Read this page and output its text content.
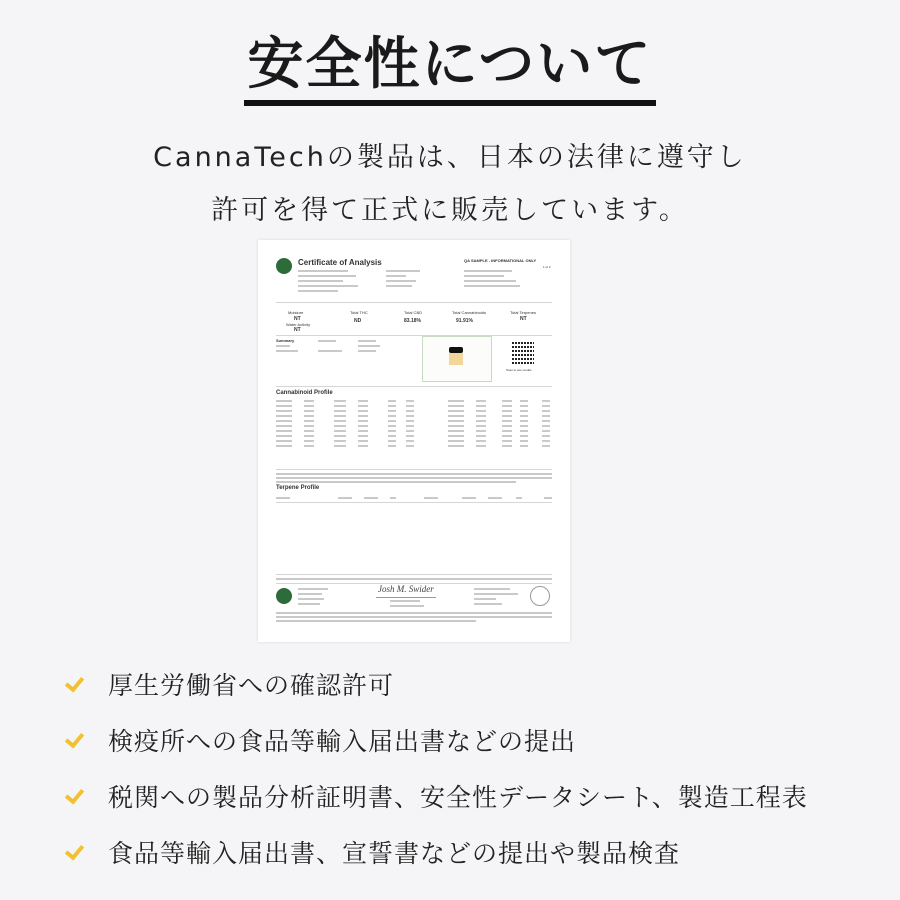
安全性について
CannaTechの製品は、日本の法律に遵守し
許可を得て正式に販売しています。
Certificate of Analysis	QA SAMPLE - INFORMATIONAL ONLY
1 of 2
Moisture	Total THC	Total CBD	Total Cannabinoids	Total Terpenes
NT	ND	83.18%	91.91%	NT
Water Activity
NT
Summary
Scan to see results
Cannabinoid Profile
Terpene Profile
Josh M. Swider
厚生労働省への確認許可
検疫所への食品等輸入届出書などの提出
税関への製品分析証明書、安全性データシート、製造工程表
食品等輸入届出書、宣誓書などの提出や製品検査
